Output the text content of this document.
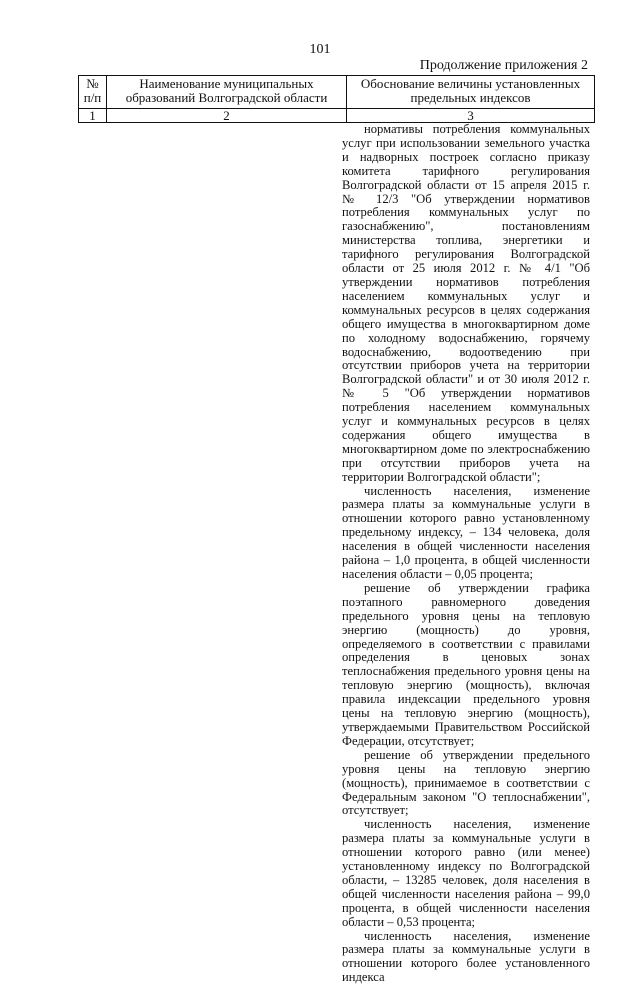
101
Продолжение приложения 2
№ п/п	Наименование муниципальных образований Волгоградской области	Обоснование величины установленных предельных индексов
1	2	3

нормативы потребления коммунальных услуг при использовании земельного участка и надворных построек согласно приказу комитета тарифного регулирования Волгоградской области от 15 апреля 2015 г. № 12/3 "Об утверждении нормативов потребления коммунальных услуг по газоснабжению", постановлениям министерства топлива, энергетики и тарифного регулирования Волгоградской области от 25 июля 2012 г. № 4/1 "Об утверждении нормативов потребления населением коммунальных услуг и коммунальных ресурсов в целях содержания общего имущества в многоквартирном доме по холодному водоснабжению, горячему водоснабжению, водоотведению при отсутствии приборов учета на территории Волгоградской области" и от 30 июля 2012 г. № 5 "Об утверждении нормативов потребления населением коммунальных услуг и коммунальных ресурсов в целях содержания общего имущества в многоквартирном доме по электроснабжению при отсутствии приборов учета на территории Волгоградской области";

численность населения, изменение размера платы за коммунальные услуги в отношении которого равно установленному предельному индексу, – 134 человека, доля населения в общей численности населения района – 1,0 процента, в общей численности населения области – 0,05 процента;

решение об утверждении графика поэтапного равномерного доведения предельного уровня цены на тепловую энергию (мощность) до уровня, определяемого в соответствии с правилами определения в ценовых зонах теплоснабжения предельного уровня цены на тепловую энергию (мощность), включая правила индексации предельного уровня цены на тепловую энергию (мощность), утверждаемыми Правительством Российской Федерации, отсутствует;

решение об утверждении предельного уровня цены на тепловую энергию (мощность), принимаемое в соответствии с Федеральным законом "О теплоснабжении", отсутствует;

численность населения, изменение размера платы за коммунальные услуги в отношении которого равно (или менее) установленному индексу по Волгоградской области, – 13285 человек, доля населения в общей численности населения района – 99,0 процента, в общей численности населения области – 0,53 процента;

численность населения, изменение размера платы за коммунальные услуги в отношении которого более установленного индекса
